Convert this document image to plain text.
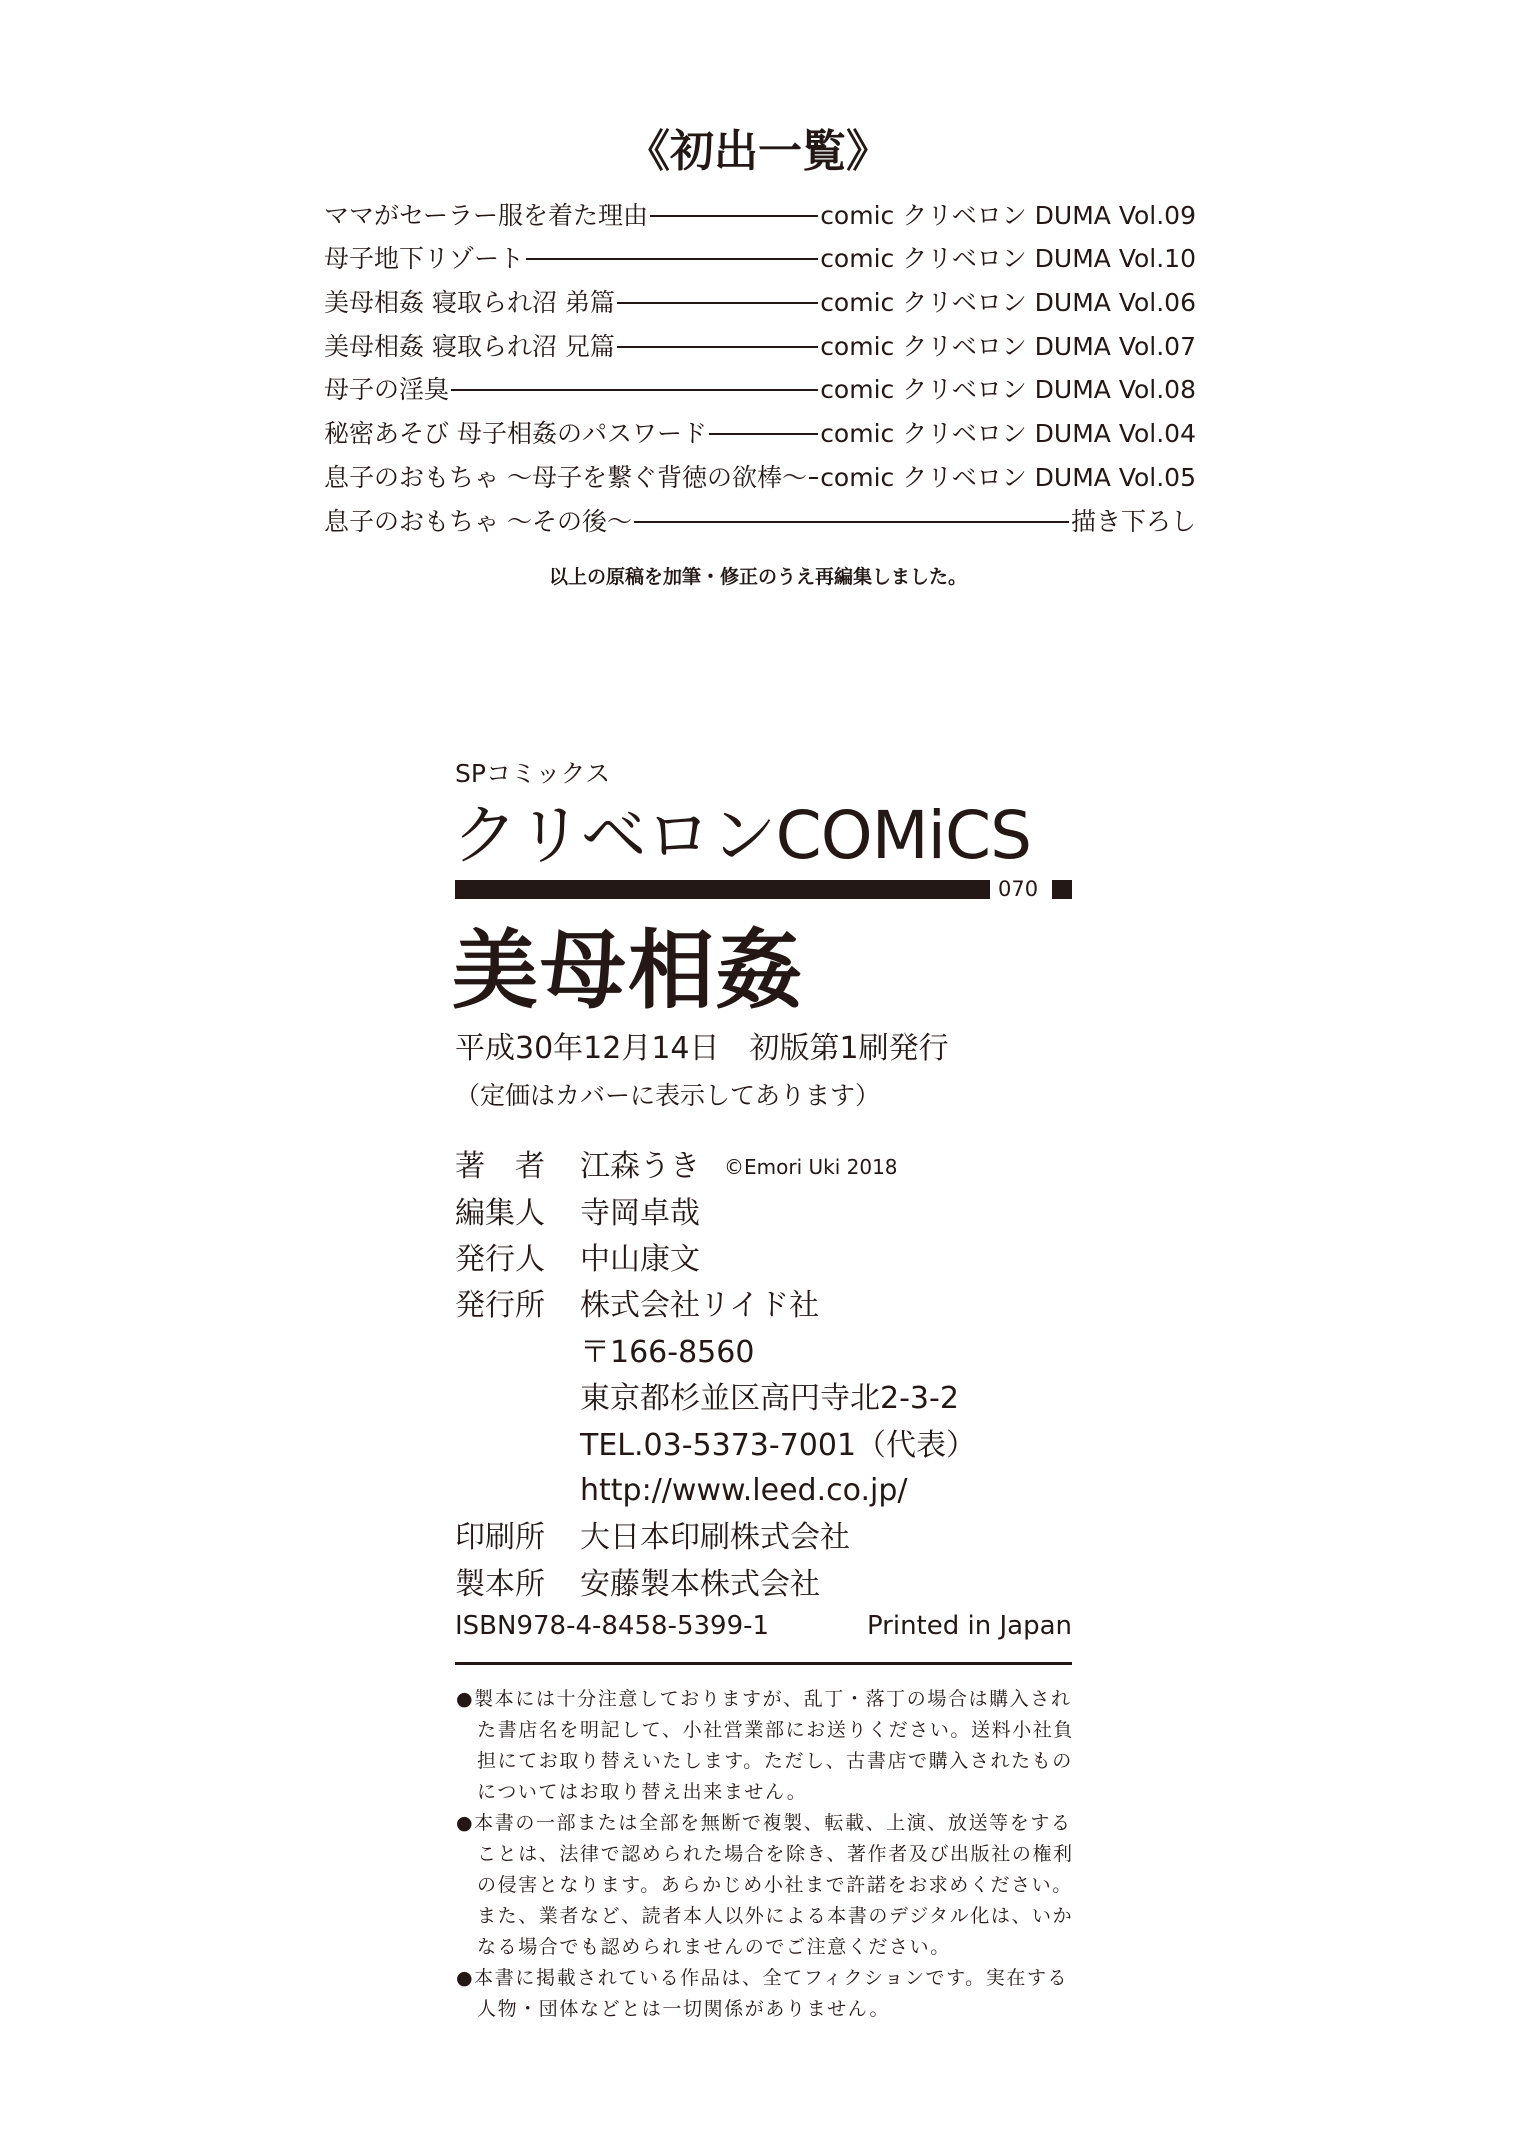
《初出一覧》
ママがセーラー服を着た理由	comic クリベロン DUMA Vol.09
母子地下リゾート	comic クリベロン DUMA Vol.10
美母相姦 寝取られ沼 弟篇	comic クリベロン DUMA Vol.06
美母相姦 寝取られ沼 兄篇	comic クリベロン DUMA Vol.07
母子の淫臭	comic クリベロン DUMA Vol.08
秘密あそび 母子相姦のパスワード	comic クリベロン DUMA Vol.04
息子のおもちゃ ～母子を繋ぐ背徳の欲棒～ comic クリベロン DUMA Vol.05
息子のおもちゃ ～その後～	描き下ろし
以上の原稿を加筆・修正のうえ再編集しました。
SPコミックス
クリベロンCOMiCS
070
美母相姦
平成30年12月14日　初版第1刷発行
（定価はカバーに表示してあります）
著　者	江森うき ©Emori Uki 2018
編集人	寺岡卓哉
発行人	中山康文
発行所	株式会社リイド社
〒166-8560
東京都杉並区高円寺北2-3-2
TEL.03-5373-7001（代表）
http://www.leed.co.jp/
印刷所	大日本印刷株式会社
製本所	安藤製本株式会社
ISBN978-4-8458-5399-1	Printed in Japan
●製本には十分注意しておりますが、乱丁・落丁の場合は購入され
た書店名を明記して、小社営業部にお送りください。送料小社負
担にてお取り替えいたします。ただし、古書店で購入されたもの
についてはお取り替え出来ません。
●本書の一部または全部を無断で複製、転載、上演、放送等をする
ことは、法律で認められた場合を除き、著作者及び出版社の権利
の侵害となります。あらかじめ小社まで許諾をお求めください。
また、業者など、読者本人以外による本書のデジタル化は、いか
なる場合でも認められませんのでご注意ください。
●本書に掲載されている作品は、全てフィクションです。実在する
人物・団体などとは一切関係がありません。
